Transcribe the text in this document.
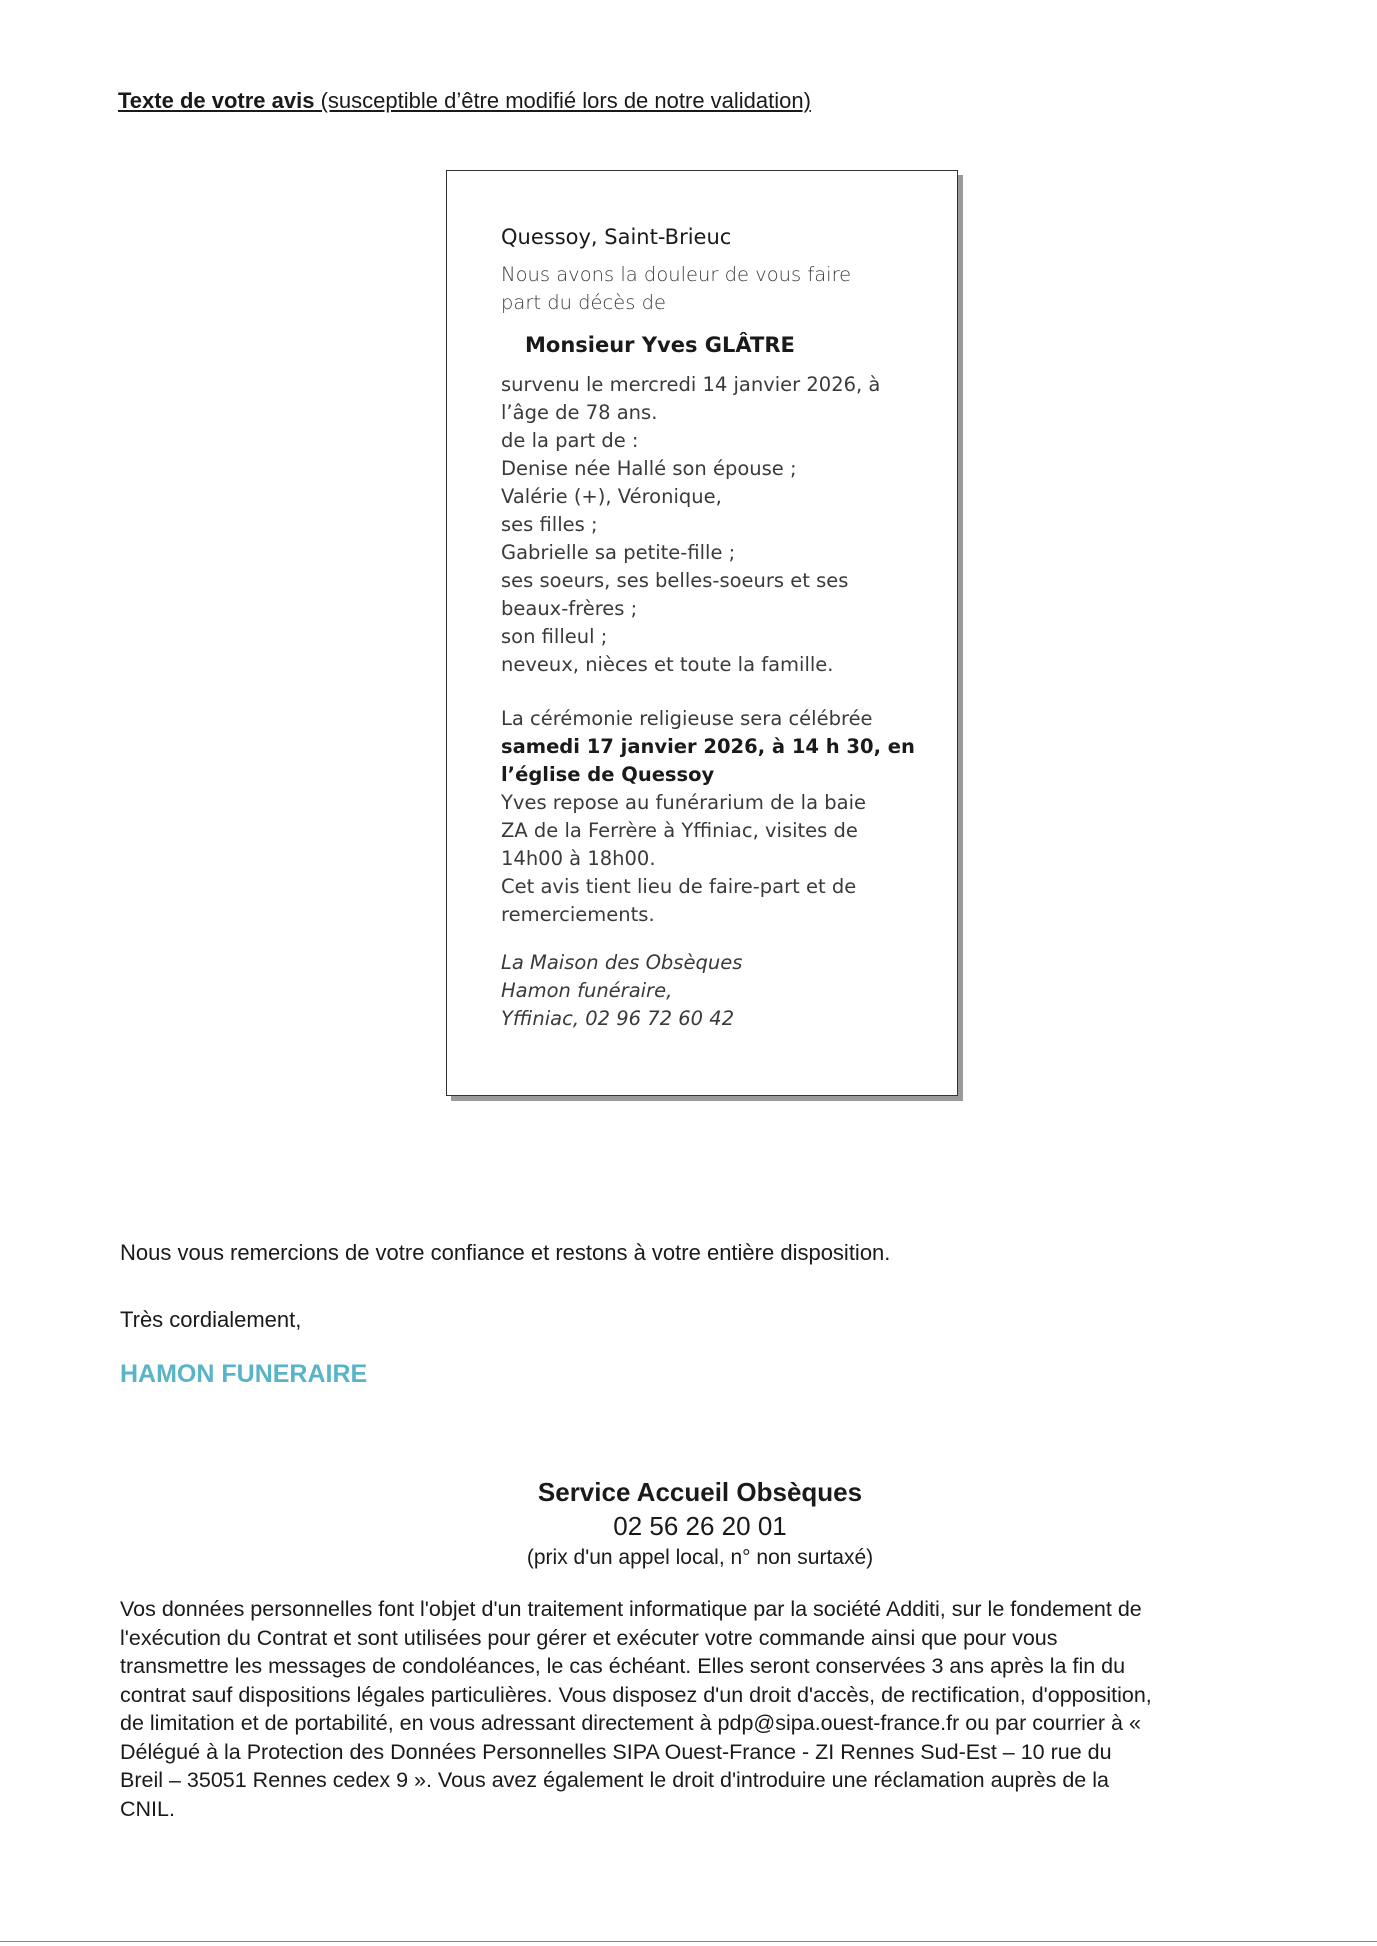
Texte de votre avis (susceptible d’être modifié lors de notre validation)
Quessoy, Saint-Brieuc
Nous avons la douleur de vous faire
part du décès de
Monsieur Yves GLÂTRE
survenu le mercredi 14 janvier 2026, à
l’âge de 78 ans.
de la part de :
Denise née Hallé son épouse ;
Valérie (+), Véronique,
ses filles ;
Gabrielle sa petite-fille ;
ses soeurs, ses belles-soeurs et ses
beaux-frères ;
son filleul ;
neveux, nièces et toute la famille.
La cérémonie religieuse sera célébrée
samedi 17 janvier 2026, à 14 h 30, en
l’église de Quessoy
Yves repose au funérarium de la baie
ZA de la Ferrère à Yffiniac, visites de
14h00 à 18h00.
Cet avis tient lieu de faire-part et de
remerciements.
La Maison des Obsèques
Hamon funéraire,
Yffiniac, 02 96 72 60 42
Nous vous remercions de votre confiance et restons à votre entière disposition.
Très cordialement,
HAMON FUNERAIRE
Service Accueil Obsèques
02 56 26 20 01
(prix d'un appel local, n° non surtaxé)
Vos données personnelles font l'objet d'un traitement informatique par la société Additi, sur le fondement de
l'exécution du Contrat et sont utilisées pour gérer et exécuter votre commande ainsi que pour vous
transmettre les messages de condoléances, le cas échéant. Elles seront conservées 3 ans après la fin du
contrat sauf dispositions légales particulières. Vous disposez d'un droit d'accès, de rectification, d'opposition,
de limitation et de portabilité, en vous adressant directement à pdp@sipa.ouest-france.fr ou par courrier à «
Délégué à la Protection des Données Personnelles SIPA Ouest-France - ZI Rennes Sud-Est – 10 rue du
Breil – 35051 Rennes cedex 9 ». Vous avez également le droit d'introduire une réclamation auprès de la
CNIL.
